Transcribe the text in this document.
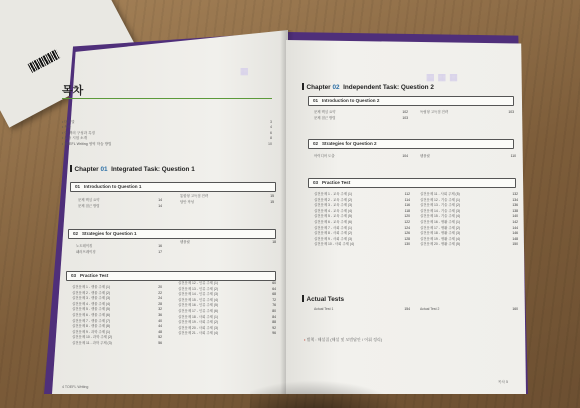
▦
목차
• 머리말	3
• 목차	4
• 이 책의 구성과 특징	6
• 토플 시험 소개	8
• TOEFL Writing 영역 학습 방법	10
Chapter 01 Integrated Task: Question 1
01 Introduction to Question 1
문제 핵심 요약	14
문제 접근 방법	14
통합형 고득점 전략	15
답안 작성	15
02 Strategies for Question 1
노트테이킹	16
패러프레이징	17
템플릿	18
03 Practice Test
실전문제 1 - 생물 주제 (1)	20
실전문제 2 - 생물 주제 (2)	22
실전문제 3 - 생물 주제 (3)	24
실전문제 4 - 생물 주제 (4)	28
실전문제 5 - 생물 주제 (5)	32
실전문제 6 - 생물 주제 (6)	36
실전문제 7 - 생물 주제 (7)	40
실전문제 8 - 생물 주제 (8)	44
실전문제 9 - 과학 주제 (1)	48
실전문제 10 - 과학 주제 (2)	52
실전문제 11 - 과학 주제 (3)	56
실전문제 12 - 인류 주제 (1)	60
실전문제 13 - 인류 주제 (2)	64
실전문제 14 - 인류 주제 (3)	68
실전문제 15 - 인류 주제 (4)	72
실전문제 16 - 인류 주제 (5)	76
실전문제 17 - 인류 주제 (6)	80
실전문제 18 - 사회 주제 (1)	84
실전문제 19 - 사회 주제 (2)	88
실전문제 20 - 사회 주제 (3)	92
실전문제 21 - 사회 주제 (4)	96
4 TOEFL Writing
▦ ▦ ▦
Chapter 02 Independent Task: Question 2
01 Introduction to Question 2
문제 핵심 요약	102
문제 접근 방법	103
독립형 고득점 전략	103
02 Strategies for Question 2
아이디어 도출	104	템플릿	110
03 Practice Test
실전문제 1 - 교육 주제 (1)	112
실전문제 2 - 교육 주제 (2)	114
실전문제 3 - 교육 주제 (3)	116
실전문제 4 - 교육 주제 (4)	118
실전문제 5 - 교육 주제 (5)	120
실전문제 6 - 교육 주제 (6)	122
실전문제 7 - 사회 주제 (1)	124
실전문제 8 - 사회 주제 (2)	126
실전문제 9 - 사회 주제 (3)	128
실전문제 10 - 사회 주제 (4)	130
실전문제 11 - 사회 주제 (5)	132
실전문제 12 - 기술 주제 (1)	134
실전문제 13 - 기술 주제 (2)	136
실전문제 14 - 기술 주제 (3)	138
실전문제 15 - 기술 주제 (4)	140
실전문제 16 - 생활 주제 (1)	142
실전문제 17 - 생활 주제 (2)	144
실전문제 18 - 생활 주제 (3)	146
실전문제 19 - 생활 주제 (4)	148
실전문제 20 - 생활 주제 (5)	150
Actual Tests
Actual Test 1	154	Actual Test 2	160
• 별책 : 해설집 (해설 및 모범답안 / 어휘 정리)
목차 5
